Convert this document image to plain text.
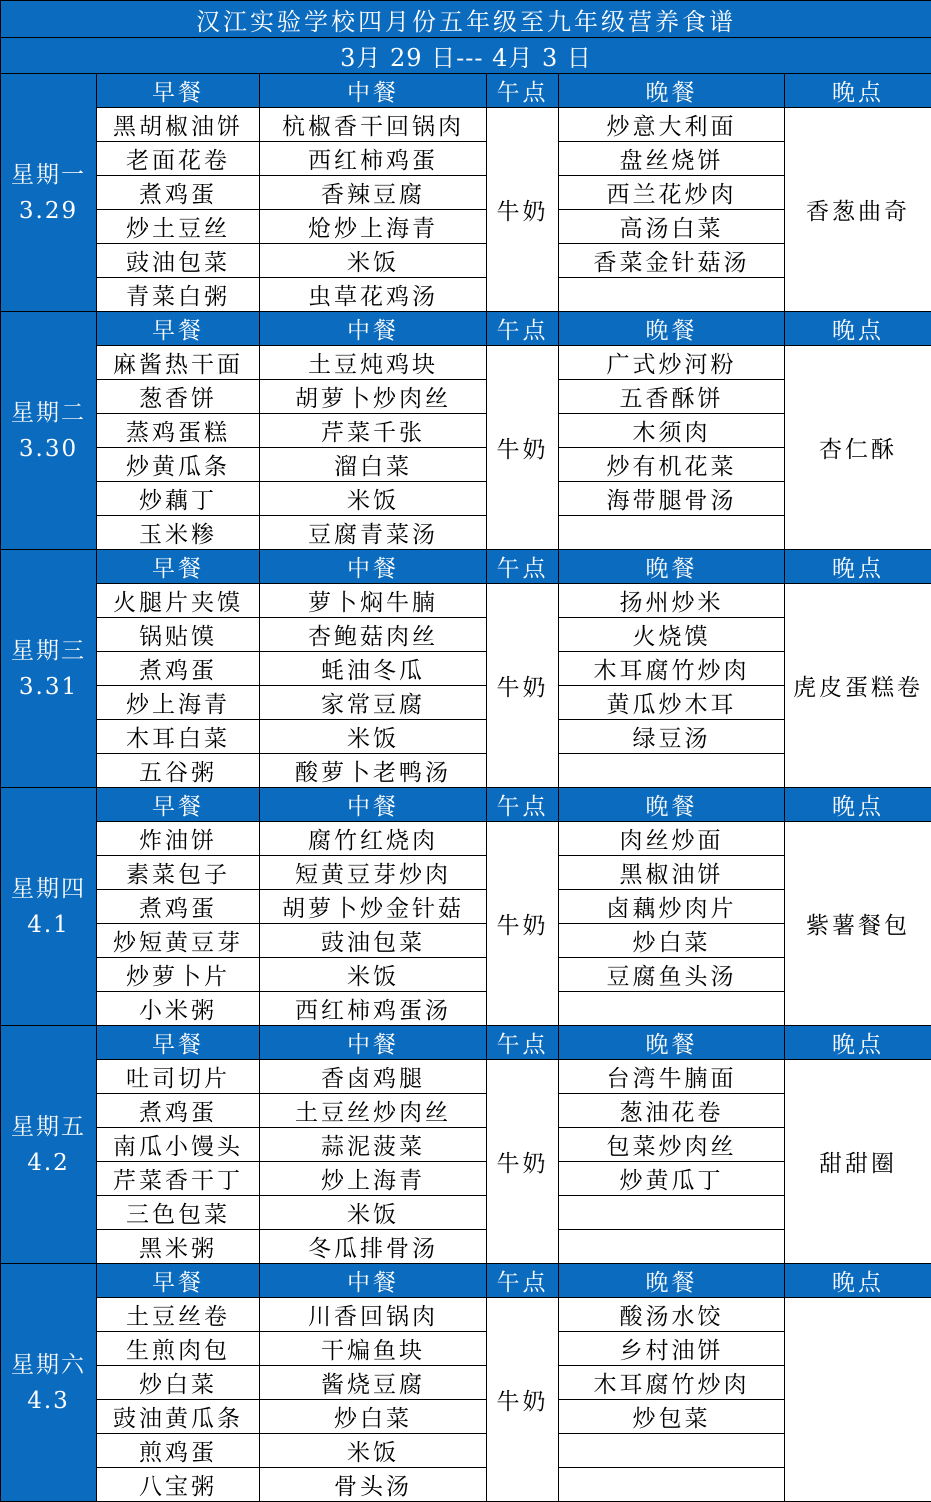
汉江实验学校四月份五年级至九年级营养食谱					
3月 29 日--- 4月 3 日					

星期一
3.29	早餐	中餐	午点	晚餐	晚点
	黑胡椒油饼	杭椒香干回锅肉	牛奶	炒意大利面	香葱曲奇
	老面花卷	西红柿鸡蛋		盘丝烧饼	
	煮鸡蛋	香辣豆腐		西兰花炒肉	
	炒土豆丝	炝炒上海青		高汤白菜	
	豉油包菜	米饭		香菜金针菇汤	
	青菜白粥	虫草花鸡汤			

星期二
3.30	早餐	中餐	午点	晚餐	晚点
	麻酱热干面	土豆炖鸡块	牛奶	广式炒河粉	杏仁酥
	葱香饼	胡萝卜炒肉丝		五香酥饼	
	蒸鸡蛋糕	芹菜千张		木须肉	
	炒黄瓜条	溜白菜		炒有机花菜	
	炒藕丁	米饭		海带腿骨汤	
	玉米糁	豆腐青菜汤			

星期三
3.31	早餐	中餐	午点	晚餐	晚点
	火腿片夹馍	萝卜焖牛腩	牛奶	扬州炒米	虎皮蛋糕卷
	锅贴馍	杏鲍菇肉丝		火烧馍	
	煮鸡蛋	蚝油冬瓜		木耳腐竹炒肉	
	炒上海青	家常豆腐		黄瓜炒木耳	
	木耳白菜	米饭		绿豆汤	
	五谷粥	酸萝卜老鸭汤			

星期四
4.1	早餐	中餐	午点	晚餐	晚点
	炸油饼	腐竹红烧肉	牛奶	肉丝炒面	紫薯餐包
	素菜包子	短黄豆芽炒肉		黑椒油饼	
	煮鸡蛋	胡萝卜炒金针菇		卤藕炒肉片	
	炒短黄豆芽	豉油包菜		炒白菜	
	炒萝卜片	米饭		豆腐鱼头汤	
	小米粥	西红柿鸡蛋汤			

星期五
4.2	早餐	中餐	午点	晚餐	晚点
	吐司切片	香卤鸡腿	牛奶	台湾牛腩面	甜甜圈
	煮鸡蛋	土豆丝炒肉丝		葱油花卷	
	南瓜小馒头	蒜泥菠菜		包菜炒肉丝	
	芹菜香干丁	炒上海青		炒黄瓜丁	
	三色包菜	米饭			
	黑米粥	冬瓜排骨汤			

星期六
4.3	早餐	中餐	午点	晚餐	晚点
	土豆丝卷	川香回锅肉	牛奶	酸汤水饺	
	生煎肉包	干煸鱼块		乡村油饼	
	炒白菜	酱烧豆腐		木耳腐竹炒肉	
	豉油黄瓜条	炒白菜		炒包菜	
	煎鸡蛋	米饭			
	八宝粥	骨头汤			
